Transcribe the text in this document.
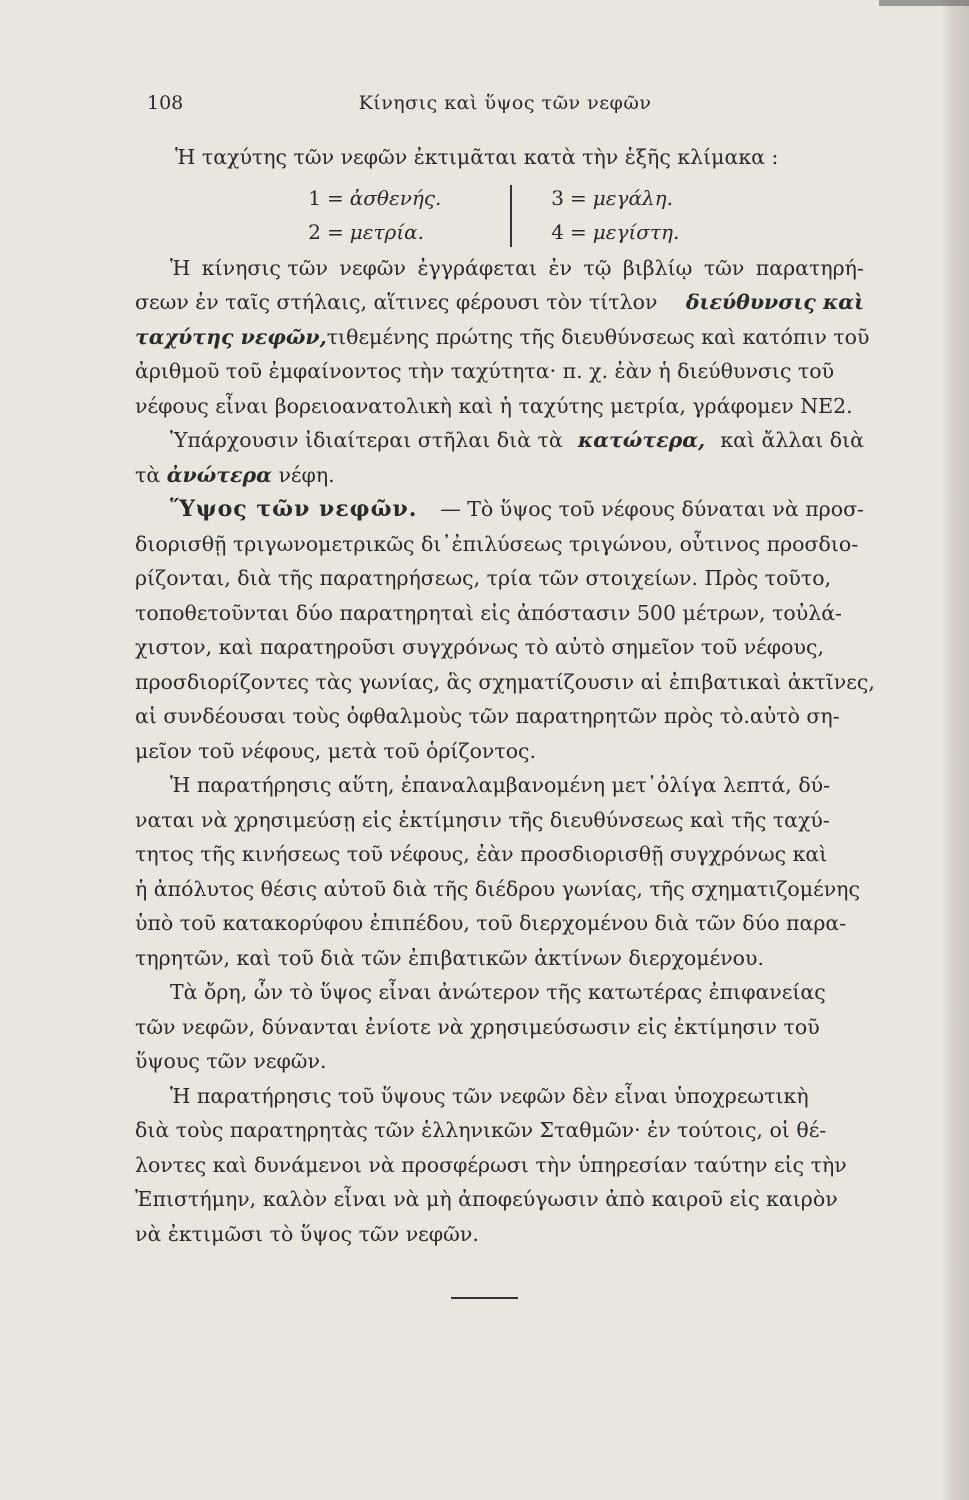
108	Κίνησις καὶ ὕψος τῶν νεφῶν
Ἡ ταχύτης τῶν νεφῶν ἐκτιμᾶται κατὰ τὴν ἑξῆς κλίμακα :
1 = ἀσθενής.
2 = μετρία.
3 = μεγάλη.
4 = μεγίστη.
Ἡ κίνησις τῶν νεφῶν ἐγγράφεται ἐν τῷ βιβλίῳ τῶν παρατηρή-
σεων ἐν ταῖς στήλαις, αἵτινες φέρουσι τὸν τίτλον διεύθυνσις καὶ
ταχύτης νεφῶν, τιθεμένης πρώτης τῆς διευθύνσεως καὶ κατόπιν τοῦ
ἀριθμοῦ τοῦ ἐμφαίνοντος τὴν ταχύτητα· π. χ. ἐὰν ἡ διεύθυνσις τοῦ
νέφους εἶναι βορειοανατολικὴ καὶ ἡ ταχύτης μετρία, γράφομεν ΝΕ2.
Ὑπάρχουσιν ἰδιαίτεραι στῆλαι διὰ τὰ κατώτερα, καὶ ἄλλαι διὰ
τὰ
ἀνώτερα
νέφη.
Ὕψος τῶν νεφῶν. — Τὸ ὕψος τοῦ νέφους δύναται νὰ προσ-
διορισθῇ τριγωνομετρικῶς δι᾽ἐπιλύσεως τριγώνου, οὗτινος προσδιο-
ρίζονται, διὰ τῆς παρατηρήσεως, τρία τῶν στοιχείων. Πρὸς τοῦτο,
τοποθετοῦνται δύο παρατηρηταὶ εἰς ἀπόστασιν 500 μέτρων, τοὐλά-
χιστον, καὶ παρατηροῦσι συγχρόνως τὸ αὐτὸ σημεῖον τοῦ νέφους,
προσδιορίζοντες τὰς γωνίας, ἃς σχηματίζουσιν αἱ ἐπιβατικαὶ ἀκτῖνες,
αἱ συνδέουσαι τοὺς ὀφθαλμοὺς τῶν παρατηρητῶν πρὸς τὸ.αὐτὸ ση-
μεῖον τοῦ νέφους, μετὰ τοῦ ὁρίζοντος.
Ἡ παρατήρησις αὕτη, ἐπαναλαμβανομένη μετ᾽ὀλίγα λεπτά, δύ-
ναται νὰ χρησιμεύσῃ εἰς ἐκτίμησιν τῆς διευθύνσεως καὶ τῆς ταχύ-
τητος τῆς κινήσεως τοῦ νέφους, ἐὰν προσδιορισθῇ συγχρόνως καὶ
ἡ ἀπόλυτος θέσις αὐτοῦ διὰ τῆς διέδρου γωνίας, τῆς σχηματιζομένης
ὑπὸ τοῦ κατακορύφου ἐπιπέδου, τοῦ διερχομένου διὰ τῶν δύο παρα-
τηρητῶν, καὶ τοῦ διὰ τῶν ἐπιβατικῶν ἀκτίνων διερχομένου.
Τὰ ὄρη, ὧν τὸ ὕψος εἶναι ἀνώτερον τῆς κατωτέρας ἐπιφανείας
τῶν νεφῶν, δύνανται ἐνίοτε νὰ χρησιμεύσωσιν εἰς ἐκτίμησιν τοῦ
ὕψους τῶν νεφῶν.
Ἡ παρατήρησις τοῦ ὕψους τῶν νεφῶν δὲν εἶναι ὑποχρεωτικὴ
διὰ τοὺς παρατηρητὰς τῶν ἑλληνικῶν Σταθμῶν· ἐν τούτοις, οἱ θέ-
λοντες καὶ δυνάμενοι νὰ προσφέρωσι τὴν ὑπηρεσίαν ταύτην εἰς τὴν
Ἐπιστήμην, καλὸν εἶναι νὰ μὴ ἀποφεύγωσιν ἀπὸ καιροῦ εἰς καιρὸν
νὰ ἐκτιμῶσι τὸ ὕψος τῶν νεφῶν.
